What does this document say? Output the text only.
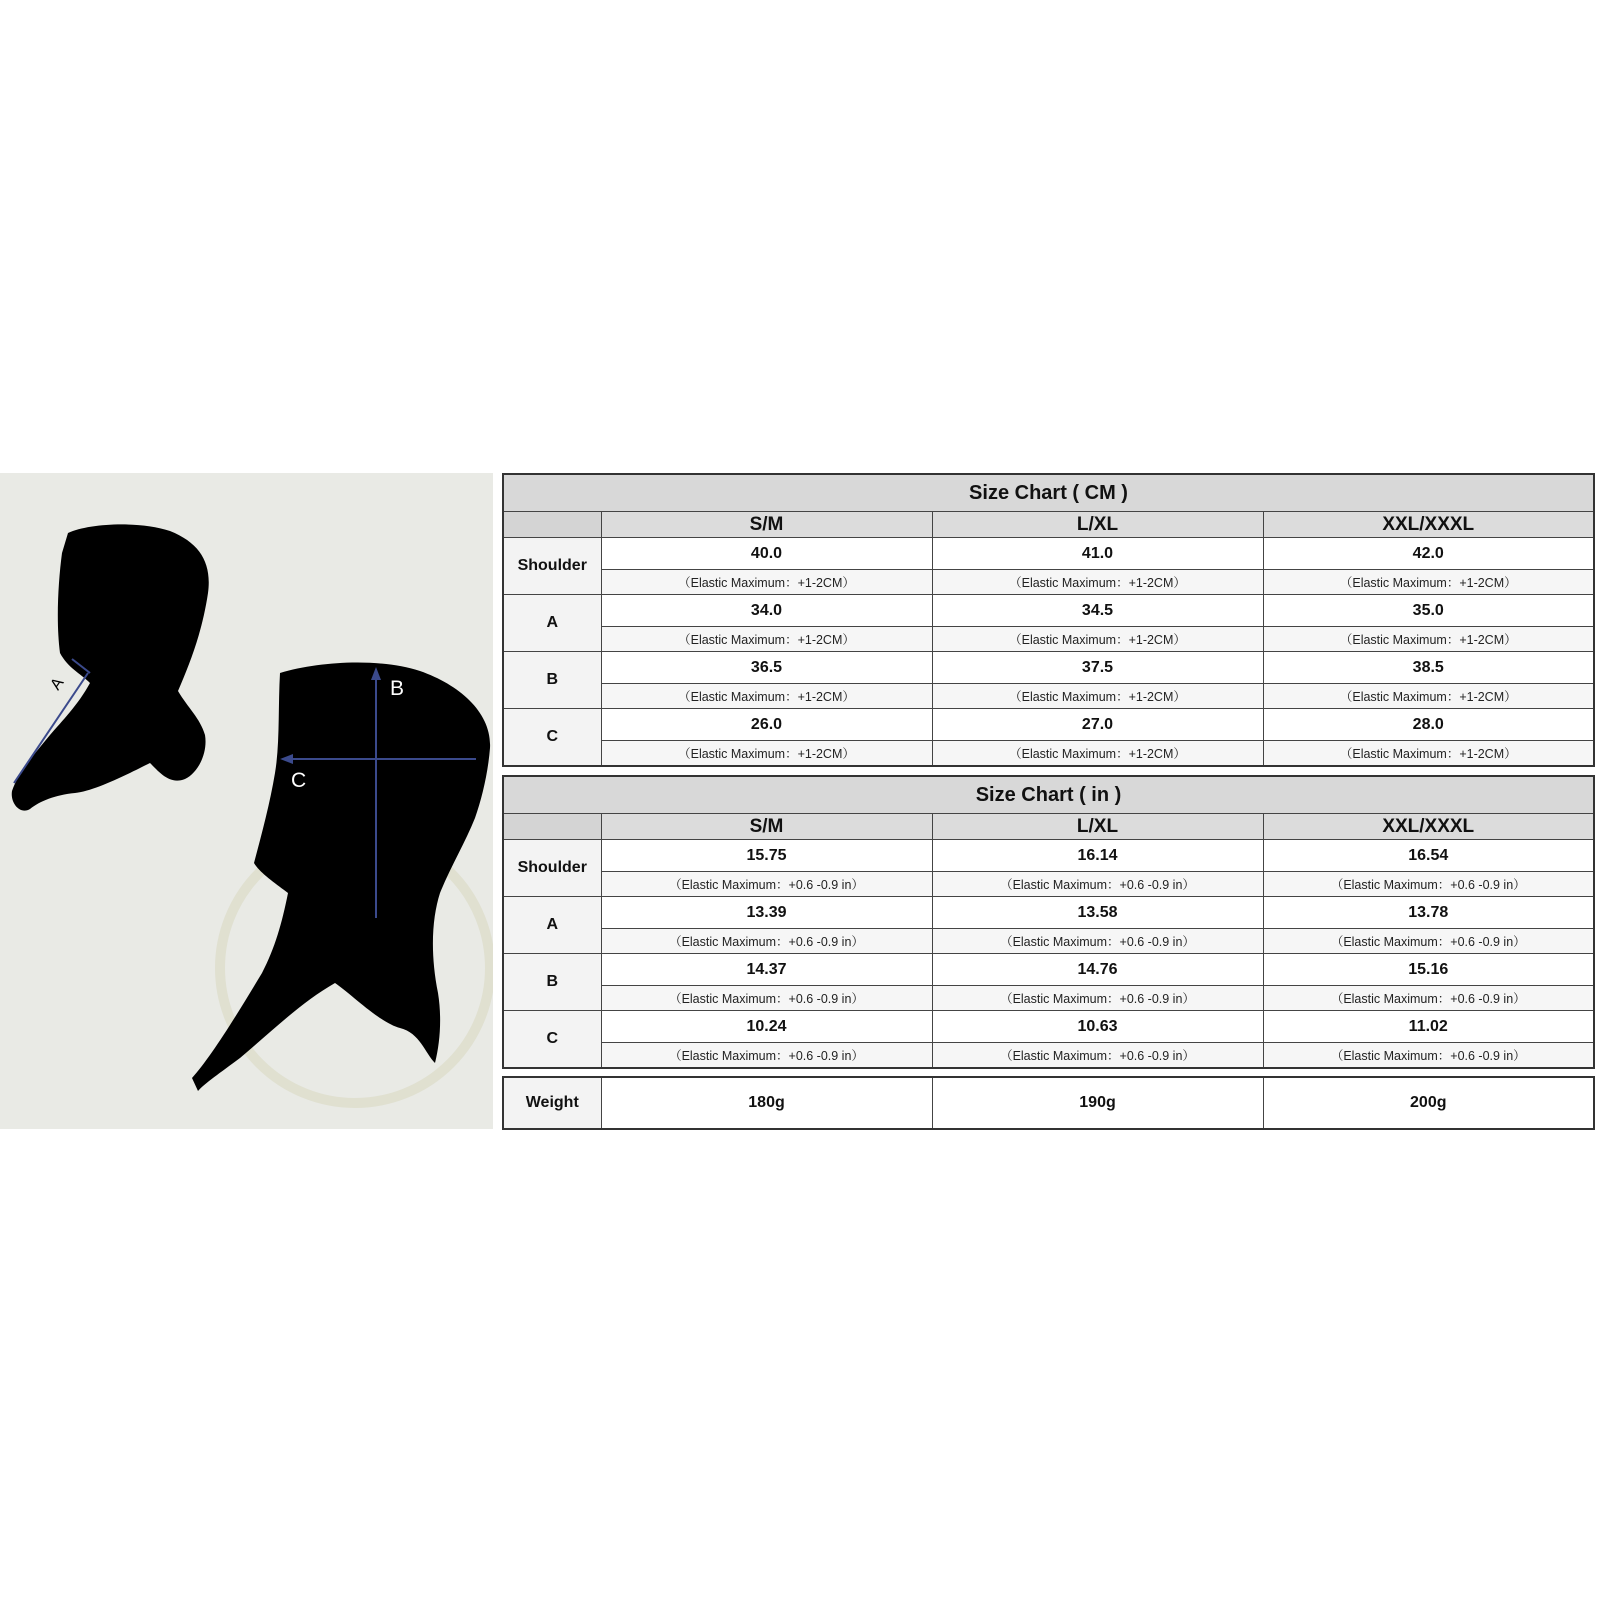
A	B
C
Size Chart ( CM )			
	S/M	L/XL	XXL/XXXL
Shoulder	40.0	41.0	42.0
	（Elastic Maximum：+1-2CM）	（Elastic Maximum：+1-2CM）	（Elastic Maximum：+1-2CM）
A	34.0	34.5	35.0
	（Elastic Maximum：+1-2CM）	（Elastic Maximum：+1-2CM）	（Elastic Maximum：+1-2CM）
B	36.5	37.5	38.5
	（Elastic Maximum：+1-2CM）	（Elastic Maximum：+1-2CM）	（Elastic Maximum：+1-2CM）
C	26.0	27.0	28.0
	（Elastic Maximum：+1-2CM）	（Elastic Maximum：+1-2CM）	（Elastic Maximum：+1-2CM）
Size Chart ( in )			
	S/M	L/XL	XXL/XXXL
Shoulder	15.75	16.14	16.54
	（Elastic Maximum：+0.6 -0.9 in）	（Elastic Maximum：+0.6 -0.9 in）	（Elastic Maximum：+0.6 -0.9 in）
A	13.39	13.58	13.78
	（Elastic Maximum：+0.6 -0.9 in）	（Elastic Maximum：+0.6 -0.9 in）	（Elastic Maximum：+0.6 -0.9 in）
B	14.37	14.76	15.16
	（Elastic Maximum：+0.6 -0.9 in）	（Elastic Maximum：+0.6 -0.9 in）	（Elastic Maximum：+0.6 -0.9 in）
C	10.24	10.63	11.02
	（Elastic Maximum：+0.6 -0.9 in）	（Elastic Maximum：+0.6 -0.9 in）	（Elastic Maximum：+0.6 -0.9 in）
Weight	180g	190g	200g
